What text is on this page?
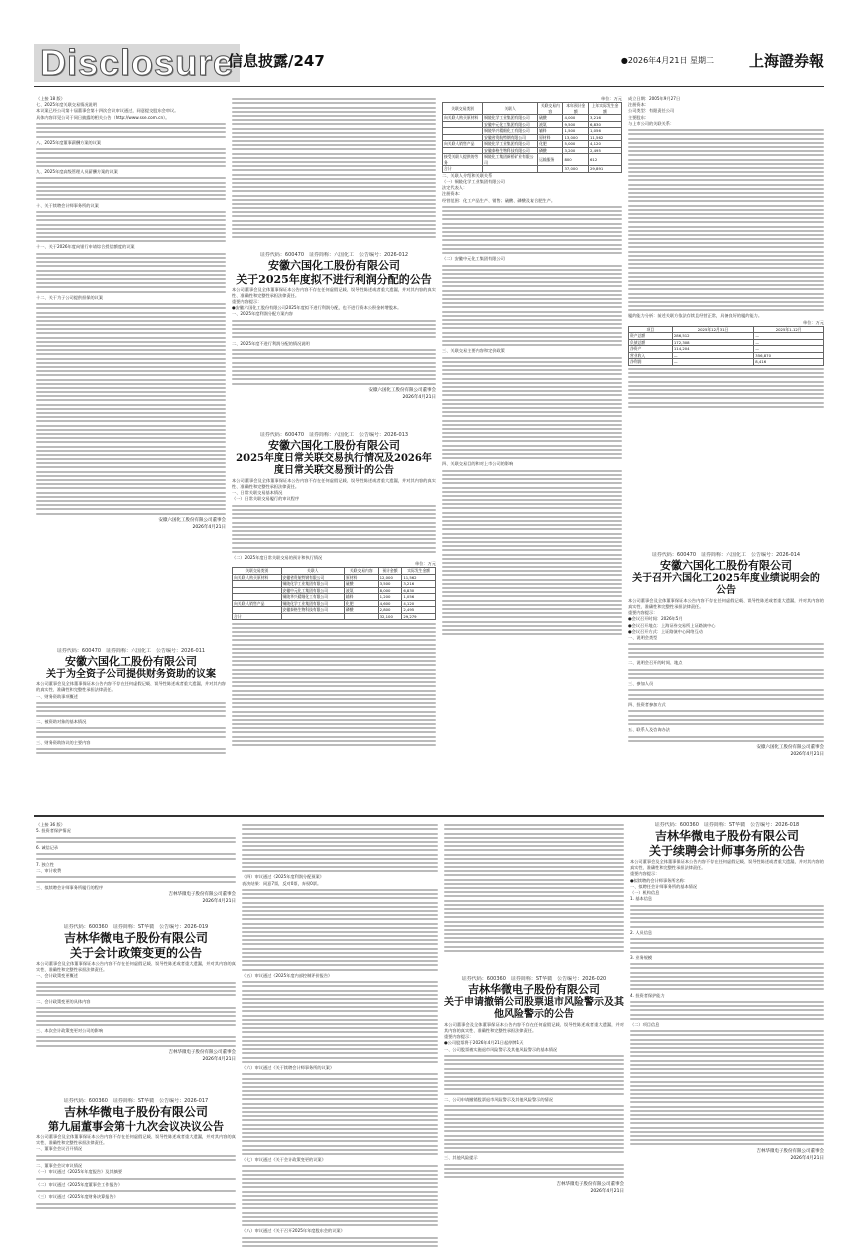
Disclosure
信息披露/247	●2026年4月21日 星期二 上海證券報
（上接 18 版）
七、2025年度关联交易情况说明
本议案已经公司第十届董事会第十四次会议审议通过，同意提交股东会审议。
具体内容详见公司于同日披露的相关公告（http://www.sse.com.cn）。
八、2025年度董事薪酬方案的议案
九、2025年度高级管理人员薪酬方案的议案
十、关于续聘会计师事务所的议案
十一、关于2026年度向银行申请综合授信额度的议案
十二、关于为子公司提供担保的议案
安徽六国化工股份有限公司董事会
2026年4月21日
证券代码：600470　证券简称：六国化工　公告编号：2026-011
安徽六国化工股份有限公司
关于为全资子公司提供财务资助的议案
本公司董事会及全体董事保证本公告内容不存在任何虚假记载、误导性陈述或者重大遗漏，并对其内容的真实性、准确性和完整性承担法律责任。
一、财务资助事项概述
二、被资助对象的基本情况
三、财务资助协议的主要内容
证券代码：600470　证券简称：六国化工　公告编号：2026-012
安徽六国化工股份有限公司
关于2025年度拟不进行利润分配的公告
本公司董事会及全体董事保证本公告内容不存在任何虚假记载、误导性陈述或者重大遗漏，并对其内容的真实性、准确性和完整性承担法律责任。
重要内容提示：
●安徽六国化工股份有限公司2025年度拟不进行利润分配，也不进行资本公积金转增股本。
一、2025年度利润分配方案内容
二、2025年度不进行利润分配的情况说明
安徽六国化工股份有限公司董事会
2026年4月21日
证券代码：600470　证券简称：六国化工　公告编号：2026-013
安徽六国化工股份有限公司
2025年度日常关联交易执行情况及2026年度日常关联交易预计的公告
本公司董事会及全体董事保证本公告内容不存在任何虚假记载、误导性陈述或者重大遗漏，并对其内容的真实性、准确性和完整性承担法律责任。
一、日常关联交易基本情况
（一）日常关联交易履行的审议程序
（二）2025年度日常关联交易的预计和执行情况
单位：万元
关联交易类别	关联人	关联交易内容	预计金额	实际发生金额
向关联人购买原材料	安徽省贵航特钢有限公司	原材料	12,000	11,562
	铜陵化学工业集团有限公司	硫酸	3,500	3,216
	安徽中元化工集团有限公司	液氨	8,000	6,830
	铜陵华兴精细化工有限公司	辅料	1,200	1,056
向关联人销售产品	铜陵化学工业集团有限公司	化肥	4,600	4,120
	安徽泰格生物科技有限公司	磷酸	2,800	2,495
合计			32,100	29,279
单位：万元
关联交易类别	关联人	关联交易内容	本年预计金额	上年实际发生金额
向关联人购买原材料	铜陵化学工业集团有限公司	硫酸	4,000	3,216
	安徽中元化工集团有限公司	液氨	9,500	6,830
	铜陵华兴精细化工有限公司	辅料	1,500	1,056
	安徽省贵航特钢有限公司	原材料	13,000	11,562
向关联人销售产品	铜陵化学工业集团有限公司	化肥	5,000	4,120
	安徽泰格生物科技有限公司	磷酸	3,200	2,495
接受关联人提供的劳务	铜陵化工集团新桥矿业有限公司	运输服务	800	612
合计			37,000	29,891
二、关联人介绍和关联关系
（一）铜陵化学工业集团有限公司
法定代表人：
注册资本：
经营范围：化工产品生产、销售；硫酸、磷酸及复合肥生产。
（二）安徽中元化工集团有限公司
三、关联交易主要内容和定价政策
四、关联交易目的和对上市公司的影响
成立日期：2005年9月27日
注册资本：
公司类型：有限责任公司
主要股东：
与上市公司的关联关系：
履约能力分析：前述关联方依法存续且经营正常，具备良好的履约能力。
单位：万元
项目	2025年12月31日	2025年1-12月
资产总额	286,512	—
负债总额	172,308	—
净资产	114,204	—
营业收入	—	356,870
净利润	—	8,416
证券代码：600470　证券简称：六国化工　公告编号：2026-014
安徽六国化工股份有限公司
关于召开六国化工2025年度业绩说明会的公告
本公司董事会及全体董事保证本公告内容不存在任何虚假记载、误导性陈述或者重大遗漏，并对其内容的真实性、准确性和完整性承担法律责任。
重要内容提示：
●会议召开时间：2026年5月
●会议召开地点：上海证券交易所上证路演中心
●会议召开方式：上证路演中心网络互动
一、说明会类型
二、说明会召开的时间、地点
三、参加人员
四、投资者参加方式
五、联系人及咨询办法
安徽六国化工股份有限公司董事会
2026年4月21日
（上接 36 版）
5. 投资者保护情况
6. 诚信记录
7. 独立性
二、审计收费
三、拟续聘会计师事务所履行的程序
吉林华微电子股份有限公司董事会
2026年4月21日
证券代码：600360　证券简称：ST华微　公告编号：2026-019
吉林华微电子股份有限公司
关于会计政策变更的公告
本公司董事会及全体董事保证本公告内容不存在任何虚假记载、误导性陈述或者重大遗漏，并对其内容的真实性、准确性和完整性承担法律责任。
一、会计政策变更概述
二、会计政策变更的具体内容
三、本次会计政策变更对公司的影响
吉林华微电子股份有限公司董事会
2026年4月21日
证券代码：600360　证券简称：ST华微　公告编号：2026-017
吉林华微电子股份有限公司
第九届董事会第十九次会议决议公告
本公司董事会及全体董事保证本公告内容不存在任何虚假记载、误导性陈述或者重大遗漏，并对其内容的真实性、准确性和完整性承担法律责任。
一、董事会会议召开情况
二、董事会会议审议情况
（一）审议通过《2025年年度报告》及其摘要
（二）审议通过《2025年度董事会工作报告》
（三）审议通过《2025年度财务决算报告》
（四）审议通过《2025年度利润分配预案》
表决结果：同意7票，反对0票，弃权0票。
（五）审议通过《2025年度内部控制评价报告》
（六）审议通过《关于续聘会计师事务所的议案》
（七）审议通过《关于会计政策变更的议案》
（八）审议通过《关于召开2025年年度股东会的议案》
证券代码：600360　证券简称：ST华微　公告编号：2026-020
吉林华微电子股份有限公司
关于申请撤销公司股票退市风险警示及其他风险警示的公告
本公司董事会及全体董事保证本公告内容不存在任何虚假记载、误导性陈述或者重大遗漏，并对其内容的真实性、准确性和完整性承担法律责任。
重要内容提示：
●公司股票将于2026年4月21日起停牌1天
一、公司股票被实施退市风险警示及其他风险警示的基本情况
二、公司申请撤销股票退市风险警示及其他风险警示的情况
三、其他风险提示
吉林华微电子股份有限公司董事会
2026年4月21日
证券代码：600360　证券简称：ST华微　公告编号：2026-018
吉林华微电子股份有限公司
关于续聘会计师事务所的公告
本公司董事会及全体董事保证本公告内容不存在任何虚假记载、误导性陈述或者重大遗漏，并对其内容的真实性、准确性和完整性承担法律责任。
重要内容提示：
●拟续聘的会计师事务所名称：
一、拟聘任会计师事务所的基本情况
（一）机构信息
1. 基本信息
2. 人员信息
3. 业务规模
4. 投资者保护能力
（二）项目信息
吉林华微电子股份有限公司董事会
2026年4月21日
